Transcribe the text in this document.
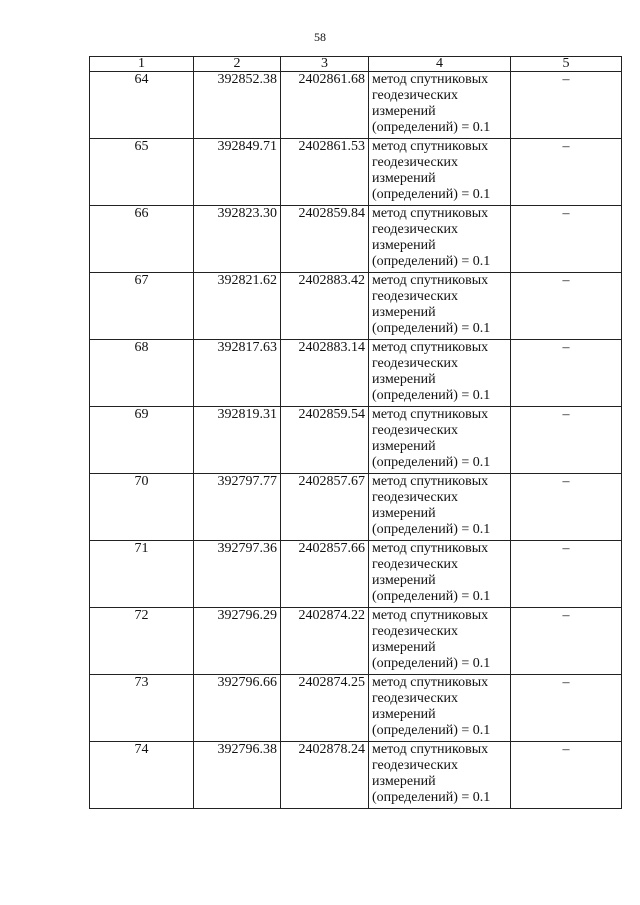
58
1	2	3	4	5
64	392852.38	2402861.68	метод спутниковых
геодезических
измерений
(определений) = 0.1	–
65	392849.71	2402861.53	метод спутниковых
геодезических
измерений
(определений) = 0.1	–
66	392823.30	2402859.84	метод спутниковых
геодезических
измерений
(определений) = 0.1	–
67	392821.62	2402883.42	метод спутниковых
геодезических
измерений
(определений) = 0.1	–
68	392817.63	2402883.14	метод спутниковых
геодезических
измерений
(определений) = 0.1	–
69	392819.31	2402859.54	метод спутниковых
геодезических
измерений
(определений) = 0.1	–
70	392797.77	2402857.67	метод спутниковых
геодезических
измерений
(определений) = 0.1	–
71	392797.36	2402857.66	метод спутниковых
геодезических
измерений
(определений) = 0.1	–
72	392796.29	2402874.22	метод спутниковых
геодезических
измерений
(определений) = 0.1	–
73	392796.66	2402874.25	метод спутниковых
геодезических
измерений
(определений) = 0.1	–
74	392796.38	2402878.24	метод спутниковых
геодезических
измерений
(определений) = 0.1	–
